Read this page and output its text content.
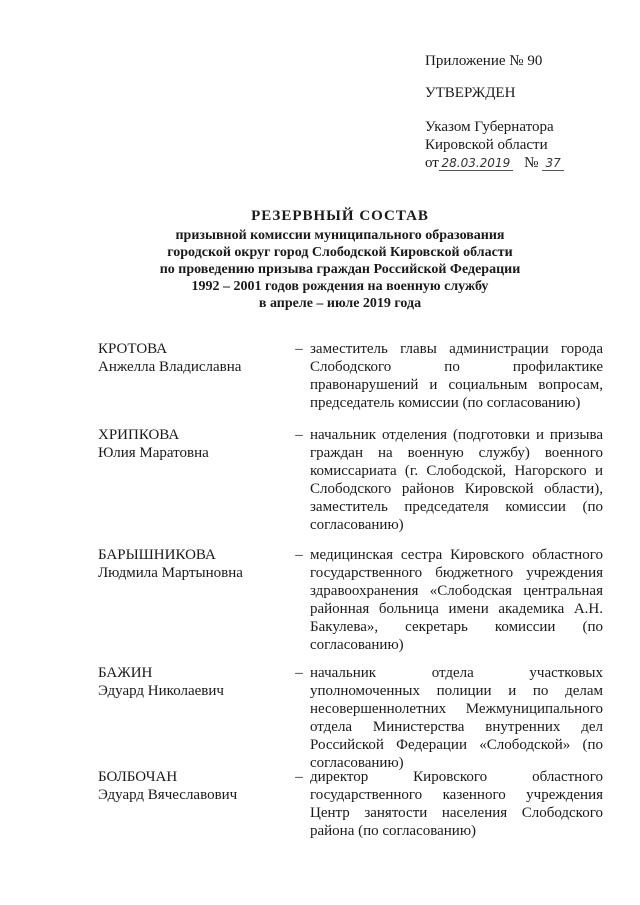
Приложение № 90
УТВЕРЖДЕН
Указом Губернатора
Кировской области
от 28.03.2019 № 37
РЕЗЕРВНЫЙ СОСТАВ
призывной комиссии муниципального образования
городской округ город Слободской Кировской области
по проведению призыва граждан Российской Федерации
1992 – 2001 годов рождения на военную службу
в апреле – июле 2019 года
КРОТОВА
Анжелла Владиславна
– заместитель главы администрации города Слободского по профилактике правонарушений и социальным вопросам, председатель комиссии (по согласованию)
ХРИПКОВА
Юлия Маратовна
– начальник отделения (подготовки и призыва граждан на военную службу) военного комиссариата (г. Слободской, Нагорского и Слободского районов Кировской области), заместитель председателя комиссии (по согласованию)
БАРЫШНИКОВА
Людмила Мартыновна
– медицинская сестра Кировского областного государственного бюджетного учреждения здравоохранения «Слободская центральная районная больница имени академика А.Н. Бакулева», секретарь комиссии (по согласованию)
БАЖИН
Эдуард Николаевич
– начальник отдела участковых уполномоченных полиции и по делам несовершеннолетних Межмуниципального отдела Министерства внутренних дел Российской Федерации «Слободской» (по согласованию)
БОЛБОЧАН
Эдуард Вячеславович
– директор Кировского областного государственного казенного учреждения Центр занятости населения Слободского района (по согласованию)
